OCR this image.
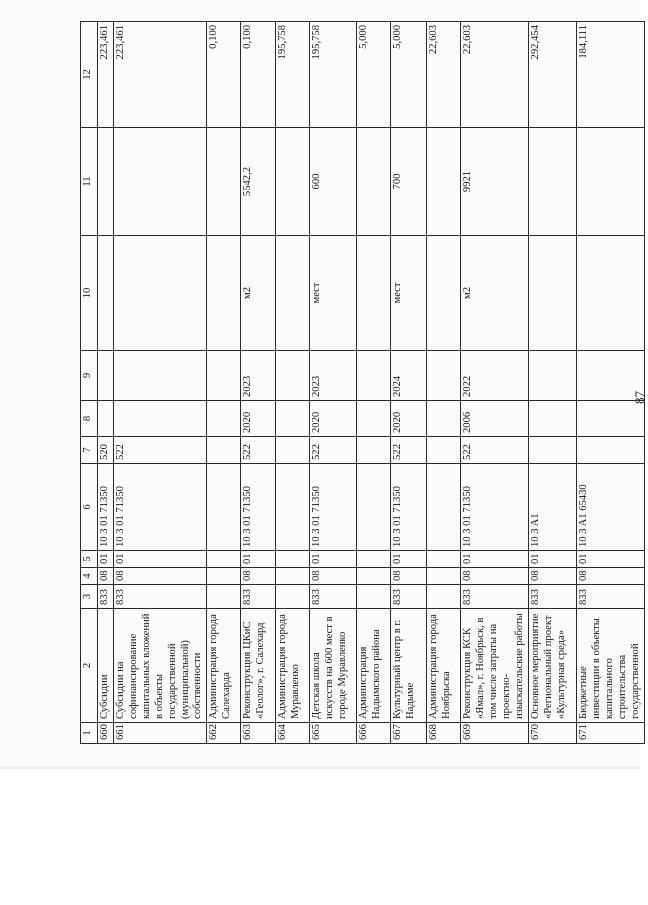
87
1	2	3	4	5	6	7	8	9	10	11	12
660	Субсидии	833	08	01	10 3 01 71350	520					223,461
661	Субсидии на софинансирование капитальных вложений в объекты государственной (муниципальной) собственности	833	08	01	10 3 01 71350	522					223,461
662	Администрация города Салехарда										0,100
663	Реконструкция ЦКиС «Геолог», г. Салехард	833	08	01	10 3 01 71350	522	2020	2023	м2	5542,2	0,100
664	Администрация города Муравленко										195,758
665	Детская школа искусств на 600 мест в городе Муравленко	833	08	01	10 3 01 71350	522	2020	2023	мест	600	195,758
666	Администрация Надымского района										5,000
667	Культурный центр в г. Надыме	833	08	01	10 3 01 71350	522	2020	2024	мест	700	5,000
668	Администрация города Ноябрьска										22,603
669	Реконструкция КСК «Ямал», г. Ноябрьск, в том числе затраты на проектно-изыскательские работы	833	08	01	10 3 01 71350	522	2006	2022	м2	9921	22,603
670	Основное мероприятие «Региональный проект «Культурная среда»	833	08	01	10 3 A1						292,454
671	Бюджетные инвестиции в объекты капитального строительства государственной	833	08	01	10 3 A1 65430						184,111
